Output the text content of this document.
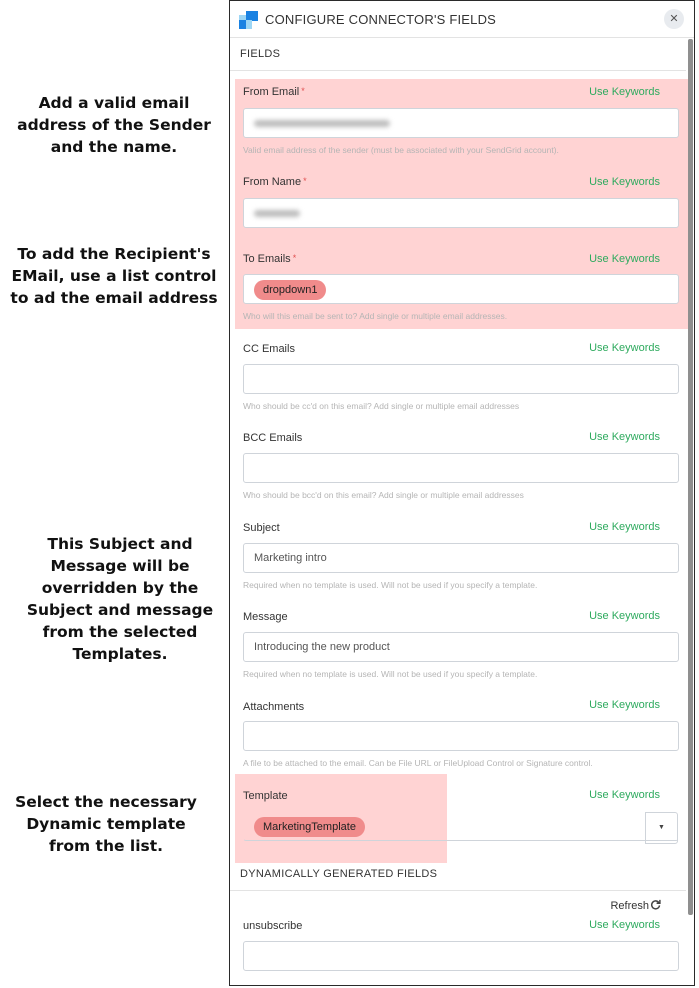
Add a valid email address of the Sender and the name.
To add the Recipient's EMail, use a list control to ad the email address
This Subject and Message will be overridden by the Subject and message from the selected Templates.
Select the necessary Dynamic template from the list.
CONFIGURE CONNECTOR'S FIELDS	✕
FIELDS
From Email *	Use Keywords
Valid email address of the sender (must be associated with your SendGrid account).
From Name *	Use Keywords
To Emails *	Use Keywords
dropdown1
Who will this email be sent to? Add single or multiple email addresses.
CC Emails	Use Keywords
Who should be cc'd on this email? Add single or multiple email addresses
BCC Emails	Use Keywords
Who should be bcc'd on this email? Add single or multiple email addresses
Subject	Use Keywords
Marketing intro
Required when no template is used. Will not be used if you specify a template.
Message	Use Keywords
Introducing the new product
Required when no template is used. Will not be used if you specify a template.
Attachments	Use Keywords
A file to be attached to the email. Can be File URL or FileUpload Control or Signature control.
Template	Use Keywords
MarketingTemplate	▼
DYNAMICALLY GENERATED FIELDS
Refresh
unsubscribe	Use Keywords
